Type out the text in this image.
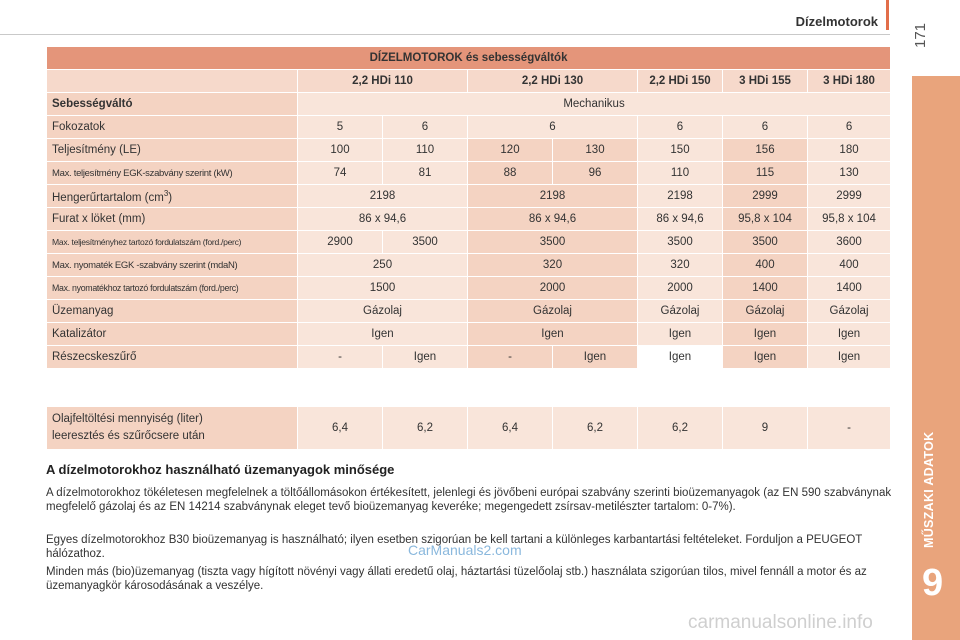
Dízelmotorok
171
MŰSZAKI ADATOK
9
DÍZELMOTOROK és sebességváltók							
	2,2 HDi 110		2,2 HDi 130		2,2 HDi 150	3 HDi 155	3 HDi 180
Sebességváltó	Mechanikus						
Fokozatok	5	6	6		6	6	6
Teljesítmény (LE)	100	110	120	130	150	156	180
Max. teljesítmény EGK-szabvány szerint (kW)	74	81	88	96	110	115	130
Hengerűrtartalom $(cm^3)$	2198		2198		2198	2999	2999
Furat x löket (mm)	86 x 94,6		86 x 94,6		86 x 94,6	95,8 x 104	95,8 x 104
Max. teljesítményhez tartozó fordulatszám (ford./perc)	2900	3500	3500		3500	3500	3600
Max. nyomaték EGK -szabvány szerint (mdaN)	250		320		320	400	400
Max. nyomatékhoz tartozó fordulatszám (ford./perc)	1500		2000		2000	1400	1400
Üzemanyag	Gázolaj		Gázolaj		Gázolaj	Gázolaj	Gázolaj
Katalizátor	Igen		Igen		Igen	Igen	Igen
Részecskeszűrő	-	Igen	-	Igen	Igen	Igen	Igen
Olajfeltöltési mennyiség (liter)
leeresztés és szűrőcsere után
	6,4	6,2	6,4	6,2	6,2	9	-
A dízelmotorokhoz használható üzemanyagok minősége

A dízelmotorokhoz tökéletesen megfelelnek a töltőállomásokon értékesített, jelenlegi és jövőbeni európai szabvány szerinti bioüzemanyagok (az EN 590 szabványnak megfelelő gázolaj és az EN 14214 szabványnak eleget tevő bioüzemanyag keveréke; megengedett zsírsav-metilészter tartalom: 0-7%).

Egyes dízelmotorokhoz B30 bioüzemanyag is használható; ilyen esetben szigorúan be kell tartani a különleges karbantartási feltételeket. Forduljon a PEUGEOT hálózathoz.

Minden más (bio)üzemanyag (tiszta vagy hígított növényi vagy állati eredetű olaj, háztartási tüzelőolaj stb.) használata szigorúan tilos, mivel fennáll a motor és az üzemanyagkör károsodásának a veszélye.

CarManuals2.com
carmanualsonline.info
